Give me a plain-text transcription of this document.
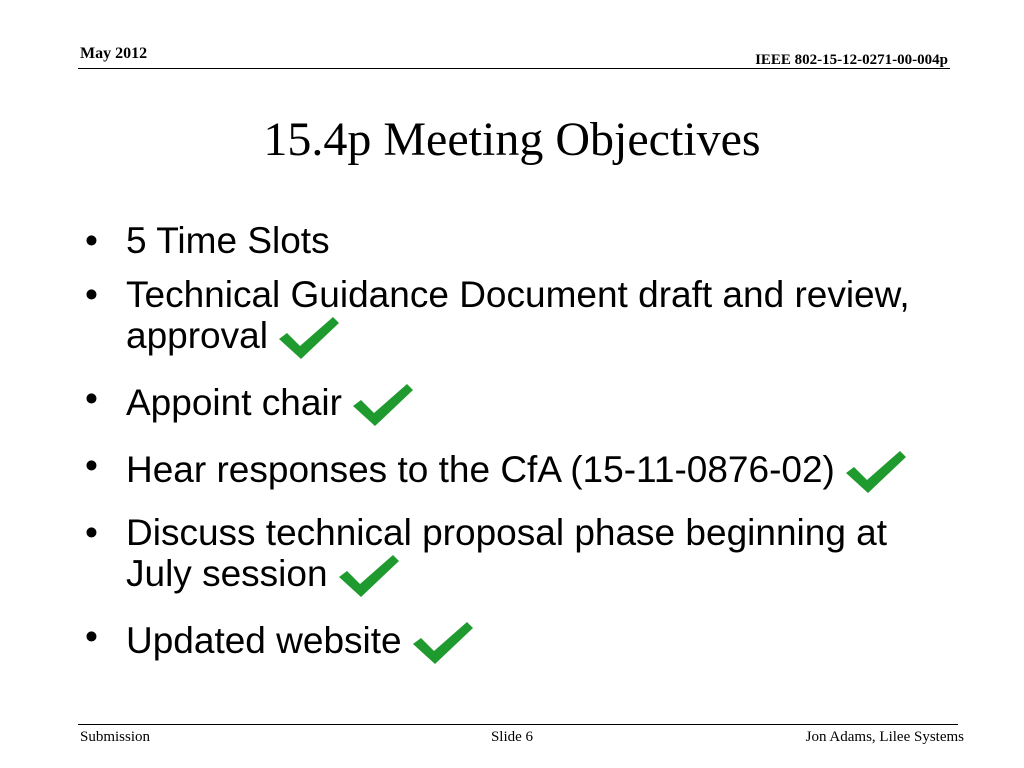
May 2012	IEEE 802-15-12-0271-00-004p
15.4p Meeting Objectives
• 5 Time Slots
• Technical Guidance Document draft and review, approval
• Appoint chair
• Hear responses to the CfA (15-11-0876-02)
• Discuss technical proposal phase beginning at July session
• Updated website
Submission	Slide 6	Jon Adams, Lilee Systems
